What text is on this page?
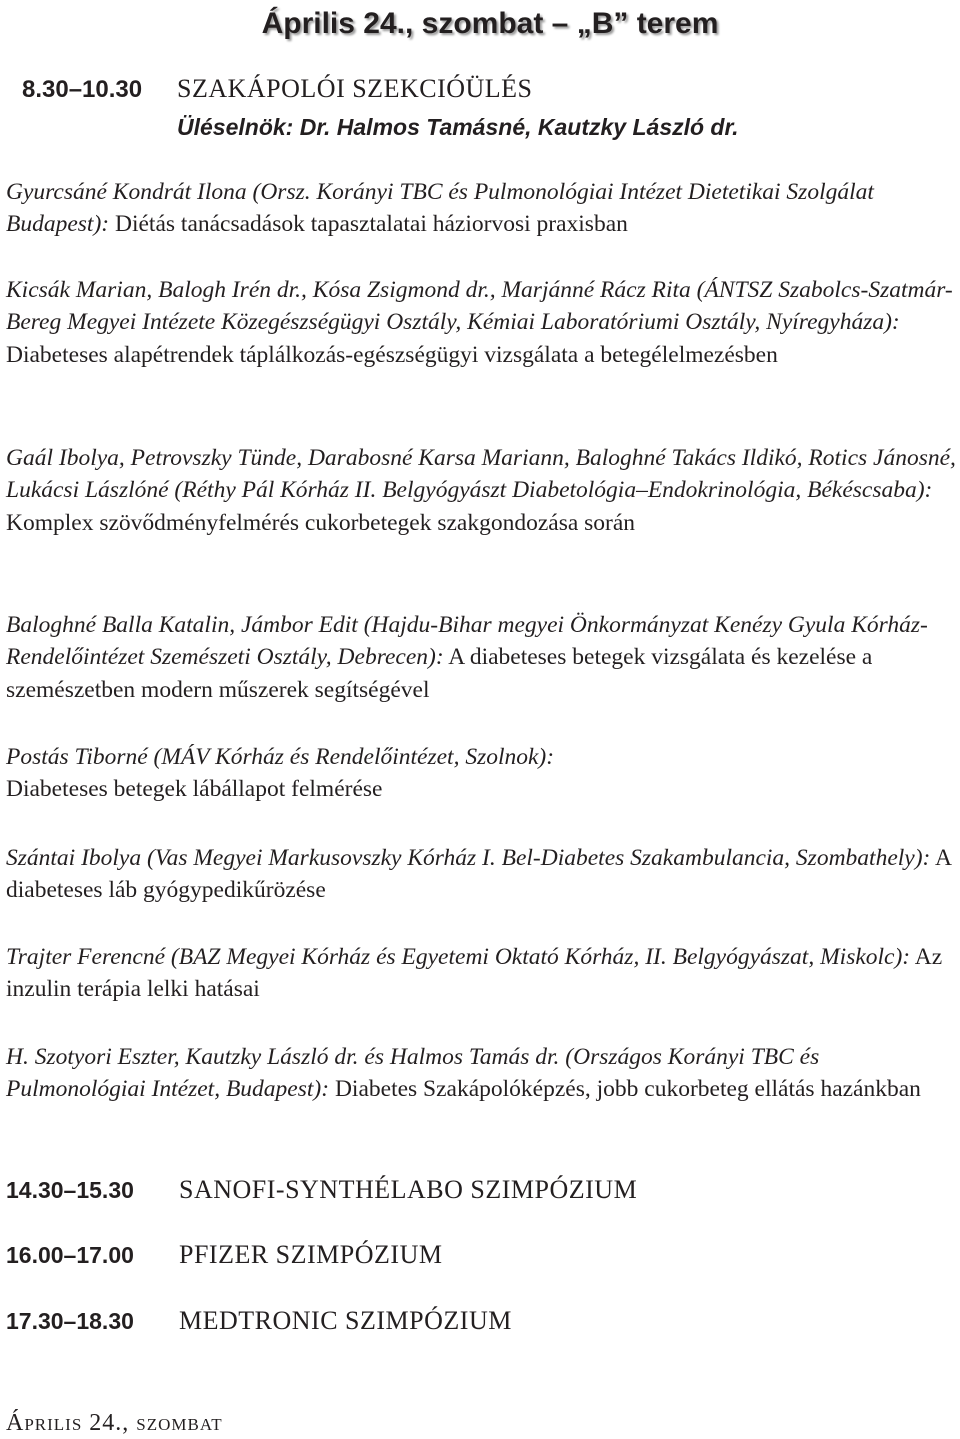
Április 24., szombat – „B” terem
8.30–10.30 SZAKÁPOLÓI SZEKCIÓÜLÉS
Üléselnök: Dr. Halmos Tamásné, Kautzky László dr.
Gyurcsáné Kondrát Ilona (Orsz. Korányi TBC és Pulmonológiai Intézet Dietetikai Szolgálat Budapest): Diétás tanácsadások tapasztalatai háziorvosi praxisban
Kicsák Marian, Balogh Irén dr., Kósa Zsigmond dr., Marjánné Rácz Rita (ÁNTSZ Szabolcs-Szatmár-Bereg Megyei Intézete Közegészségügyi Osztály, Kémiai Laboratóriumi Osztály, Nyíregyháza): Diabeteses alapétrendek táplálkozás-egészségügyi vizsgálata a betegélelmezésben
Gaál Ibolya, Petrovszky Tünde, Darabosné Karsa Mariann, Baloghné Takács Ildikó, Rotics Jánosné, Lukácsi Lászlóné (Réthy Pál Kórház II. Belgyógyászt Diabetológia–Endokrinológia, Békéscsaba): Komplex szövődményfelmérés cukorbetegek szakgondozása során
Baloghné Balla Katalin, Jámbor Edit (Hajdu-Bihar megyei Önkormányzat Kenézy Gyula Kórház- Rendelőintézet Szemészeti Osztály, Debrecen): A diabeteses betegek vizsgálata és kezelése a szemészetben modern műszerek segítségével
Postás Tiborné (MÁV Kórház és Rendelőintézet, Szolnok):
Diabeteses betegek lábállapot felmérése
Szántai Ibolya (Vas Megyei Markusovszky Kórház I. Bel-Diabetes Szakambulancia, Szombathely): A diabeteses láb gyógypedikűrözése
Trajter Ferencné (BAZ Megyei Kórház és Egyetemi Oktató Kórház, II. Belgyógyászat, Miskolc): Az inzulin terápia lelki hatásai
H. Szotyori Eszter, Kautzky László dr. és Halmos Tamás dr. (Országos Korányi TBC és Pulmonológiai Intézet, Budapest): Diabetes Szakápolóképzés, jobb cukorbeteg ellátás hazánkban
14.30–15.30 SANOFI-SYNTHÉLABO SZIMPÓZIUM
16.00–17.00 PFIZER SZIMPÓZIUM
17.30–18.30 MEDTRONIC SZIMPÓZIUM
Április 24., szombat
